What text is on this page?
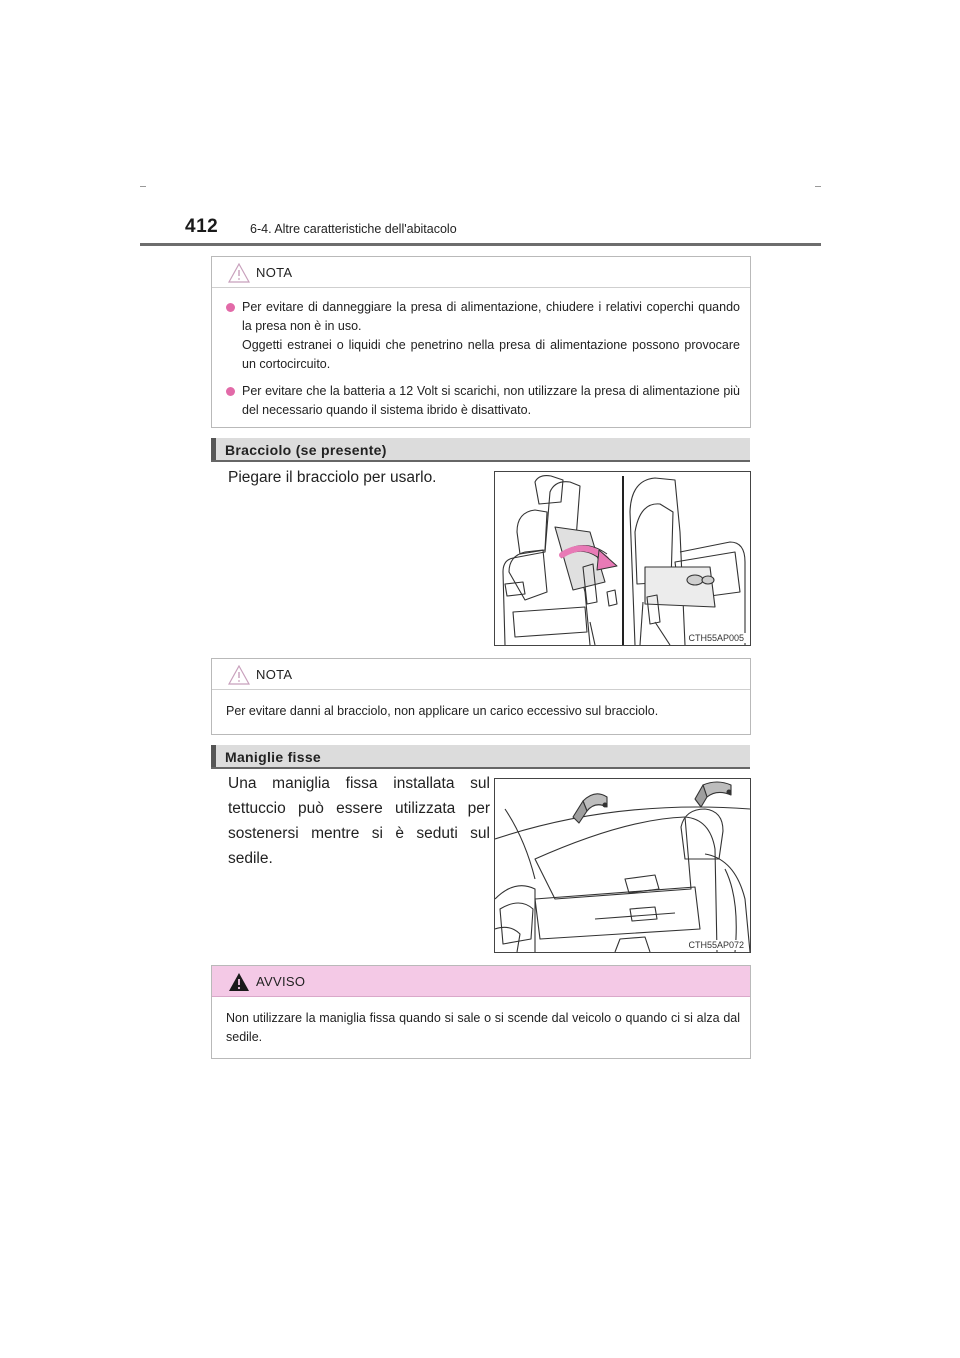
412	6-4. Altre caratteristiche dell'abitacolo
NOTA
Per evitare di danneggiare la presa di alimentazione, chiudere i relativi coperchi quando la presa non è in uso.
Oggetti estranei o liquidi che penetrino nella presa di alimentazione possono provocare un cortocircuito.
Per evitare che la batteria a 12 Volt si scarichi, non utilizzare la presa di alimentazione più del necessario quando il sistema ibrido è disattivato.
Bracciolo (se presente)
Piegare il bracciolo per usarlo.
CTH55AP005
NOTA
Per evitare danni al bracciolo, non applicare un carico eccessivo sul bracciolo.
Maniglie fisse
Una maniglia fissa installata sul tettuccio può essere utilizzata per sostenersi mentre si è seduti sul sedile.
CTH55AP072
AVVISO
Non utilizzare la maniglia fissa quando si sale o si scende dal veicolo o quando ci si alza dal sedile.
